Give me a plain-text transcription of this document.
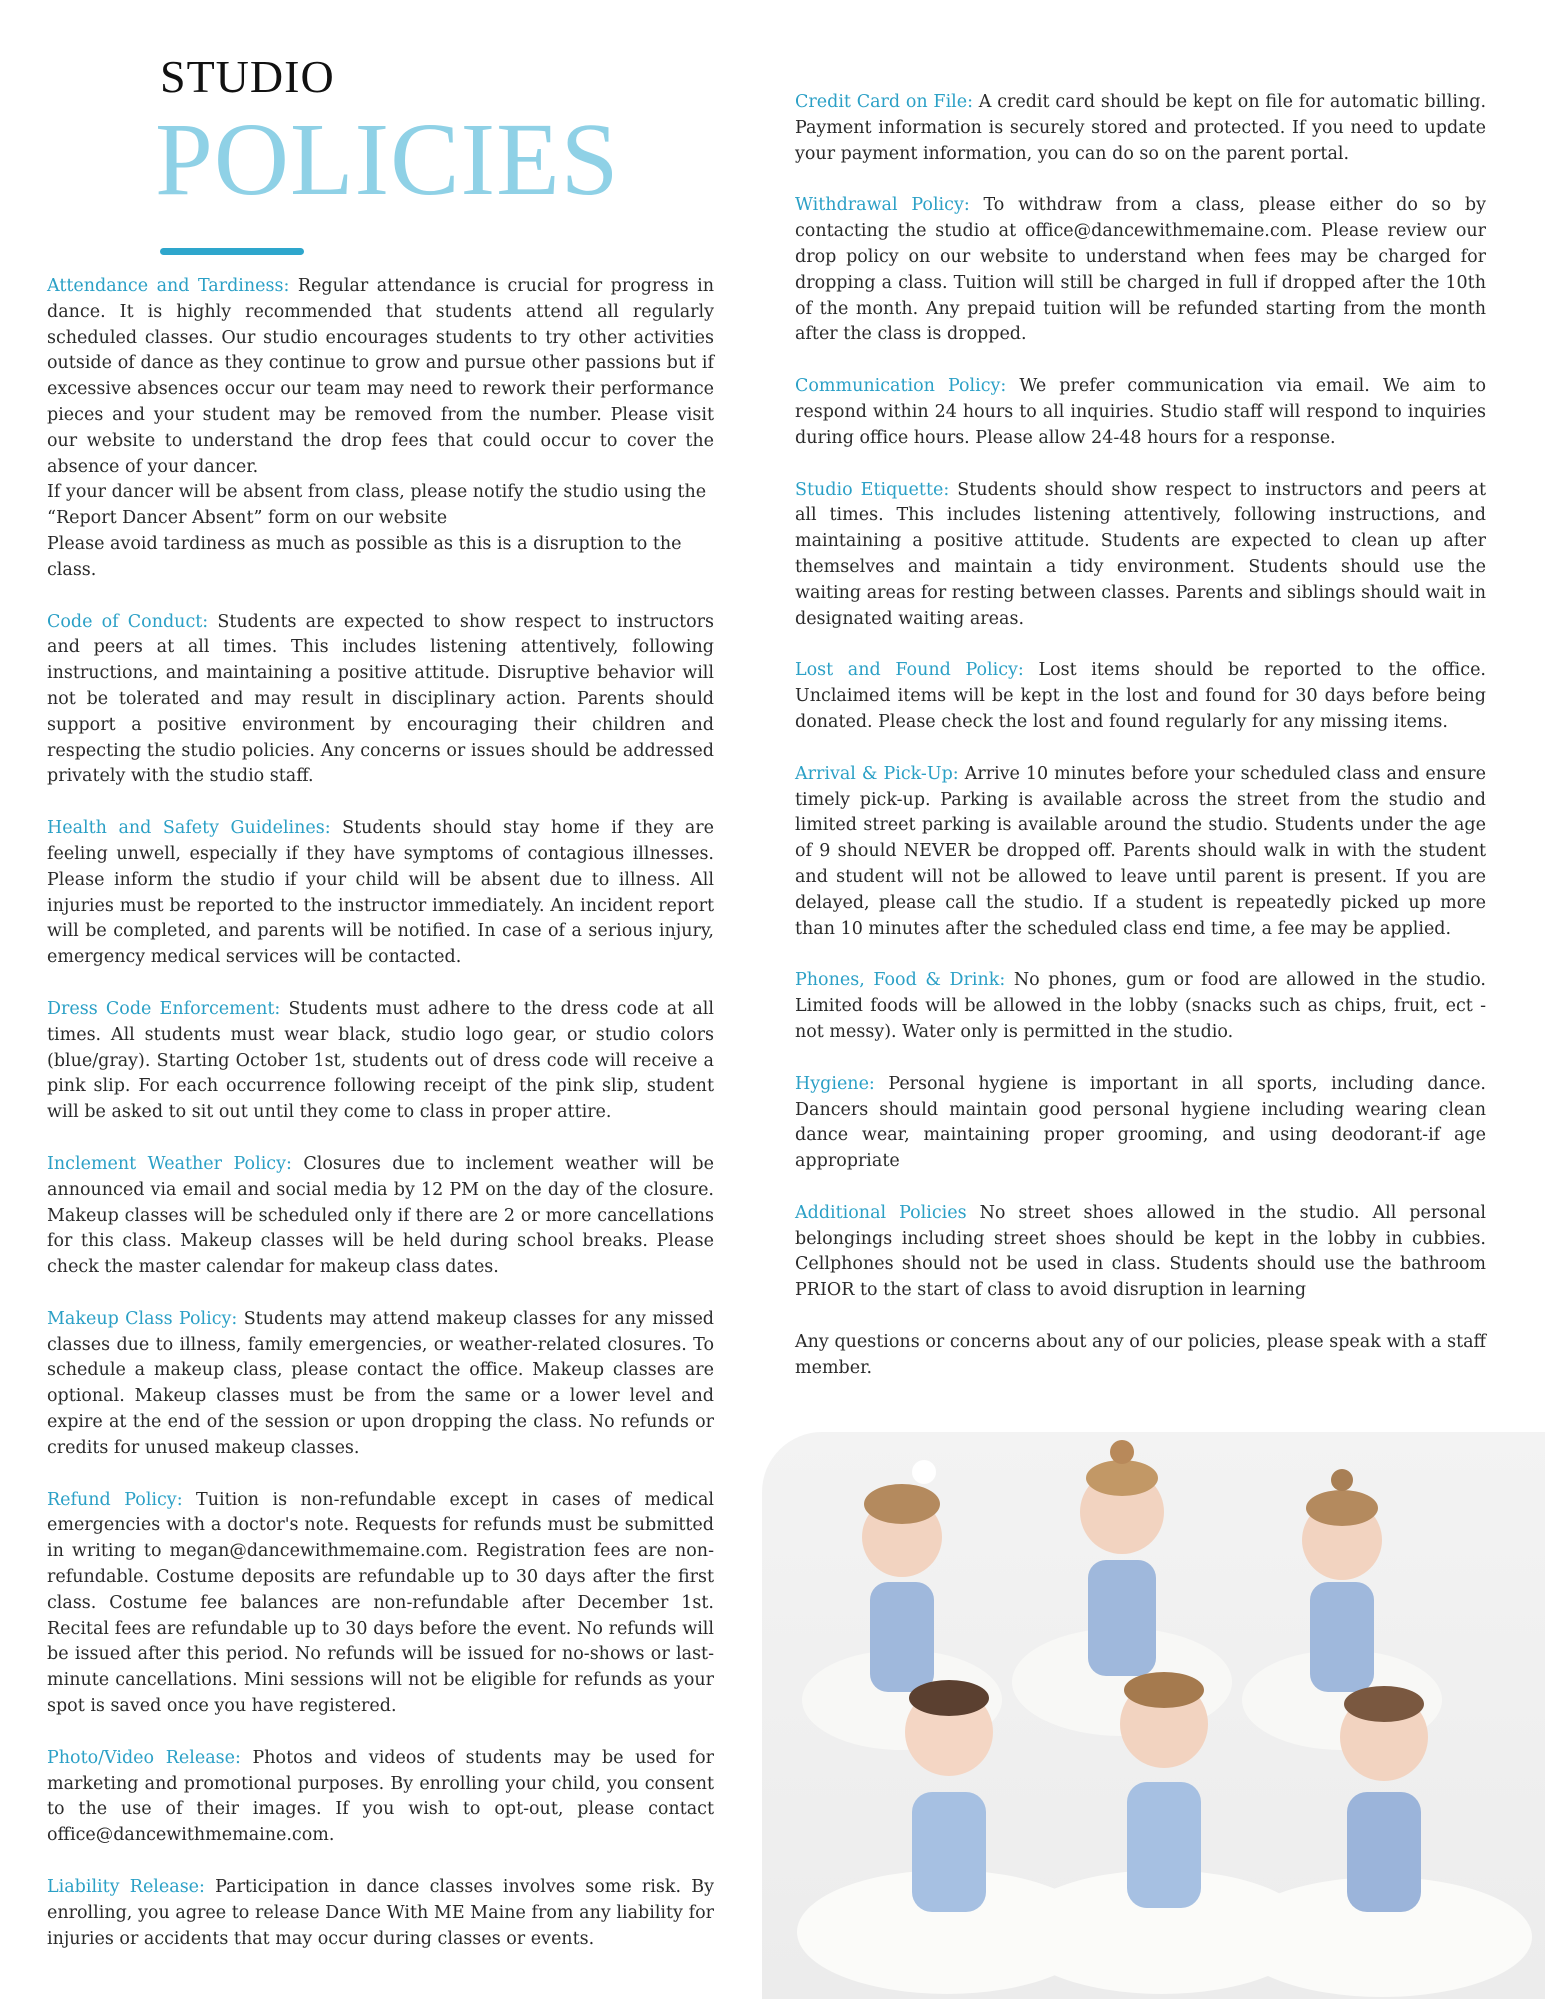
STUDIO
POLICIES

Attendance and Tardiness: Regular attendance is crucial for progress in dance. It is highly recommended that students attend all regularly scheduled classes. Our studio encourages students to try other activities outside of dance as they continue to grow and pursue other passions but if excessive absences occur our team may need to rework their performance pieces and your student may be removed from the number. Please visit our website to understand the drop fees that could occur to cover the absence of your dancer.

If your dancer will be absent from class, please notify the studio using the “Report Dancer Absent” form on our website

Please avoid tardiness as much as possible as this is a disruption to the class.

Code of Conduct: Students are expected to show respect to instructors and peers at all times. This includes listening attentively, following instructions, and maintaining a positive attitude. Disruptive behavior will not be tolerated and may result in disciplinary action. Parents should support a positive environment by encouraging their children and respecting the studio policies. Any concerns or issues should be addressed privately with the studio staff.

Health and Safety Guidelines: Students should stay home if they are feeling unwell, especially if they have symptoms of contagious illnesses. Please inform the studio if your child will be absent due to illness. All injuries must be reported to the instructor immediately. An incident report will be completed, and parents will be notified. In case of a serious injury, emergency medical services will be contacted.

Dress Code Enforcement: Students must adhere to the dress code at all times. All students must wear black, studio logo gear, or studio colors (blue/gray). Starting October 1st, students out of dress code will receive a pink slip. For each occurrence following receipt of the pink slip, student will be asked to sit out until they come to class in proper attire.

Inclement Weather Policy: Closures due to inclement weather will be announced via email and social media by 12 PM on the day of the closure. Makeup classes will be scheduled only if there are 2 or more cancellations for this class. Makeup classes will be held during school breaks. Please check the master calendar for makeup class dates.

Makeup Class Policy: Students may attend makeup classes for any missed classes due to illness, family emergencies, or weather-related closures. To schedule a makeup class, please contact the office. Makeup classes are optional. Makeup classes must be from the same or a lower level and expire at the end of the session or upon dropping the class. No refunds or credits for unused makeup classes.

Refund Policy: Tuition is non-refundable except in cases of medical emergencies with a doctor's note. Requests for refunds must be submitted in writing to megan@dancewithmemaine.com. Registration fees are non-refundable. Costume deposits are refundable up to 30 days after the first class. Costume fee balances are non-refundable after December 1st. Recital fees are refundable up to 30 days before the event. No refunds will be issued after this period. No refunds will be issued for no-shows or last-minute cancellations. Mini sessions will not be eligible for refunds as your spot is saved once you have registered.

Photo/Video Release: Photos and videos of students may be used for marketing and promotional purposes. By enrolling your child, you consent to the use of their images. If you wish to opt-out, please contact office@dancewithmemaine.com.

Liability Release: Participation in dance classes involves some risk. By enrolling, you agree to release Dance With ME Maine from any liability for injuries or accidents that may occur during classes or events.

Credit Card on File: A credit card should be kept on file for automatic billing. Payment information is securely stored and protected. If you need to update your payment information, you can do so on the parent portal.

Withdrawal Policy: To withdraw from a class, please either do so by contacting the studio at office@dancewithmemaine.com. Please review our drop policy on our website to understand when fees may be charged for dropping a class. Tuition will still be charged in full if dropped after the 10th of the month. Any prepaid tuition will be refunded starting from the month after the class is dropped.

Communication Policy: We prefer communication via email. We aim to respond within 24 hours to all inquiries. Studio staff will respond to inquiries during office hours. Please allow 24-48 hours for a response.

Studio Etiquette: Students should show respect to instructors and peers at all times. This includes listening attentively, following instructions, and maintaining a positive attitude. Students are expected to clean up after themselves and maintain a tidy environment. Students should use the waiting areas for resting between classes. Parents and siblings should wait in designated waiting areas.

Lost and Found Policy: Lost items should be reported to the office. Unclaimed items will be kept in the lost and found for 30 days before being donated. Please check the lost and found regularly for any missing items.

Arrival & Pick-Up: Arrive 10 minutes before your scheduled class and ensure timely pick-up. Parking is available across the street from the studio and limited street parking is available around the studio. Students under the age of 9 should NEVER be dropped off. Parents should walk in with the student and student will not be allowed to leave until parent is present. If you are delayed, please call the studio. If a student is repeatedly picked up more than 10 minutes after the scheduled class end time, a fee may be applied.

Phones, Food & Drink: No phones, gum or food are allowed in the studio. Limited foods will be allowed in the lobby (snacks such as chips, fruit, ect - not messy). Water only is permitted in the studio.

Hygiene: Personal hygiene is important in all sports, including dance. Dancers should maintain good personal hygiene including wearing clean dance wear, maintaining proper grooming, and using deodorant-if age appropriate

Additional Policies No street shoes allowed in the studio. All personal belongings including street shoes should be kept in the lobby in cubbies. Cellphones should not be used in class. Students should use the bathroom PRIOR to the start of class to avoid disruption in learning

Any questions or concerns about any of our policies, please speak with a staff member.
